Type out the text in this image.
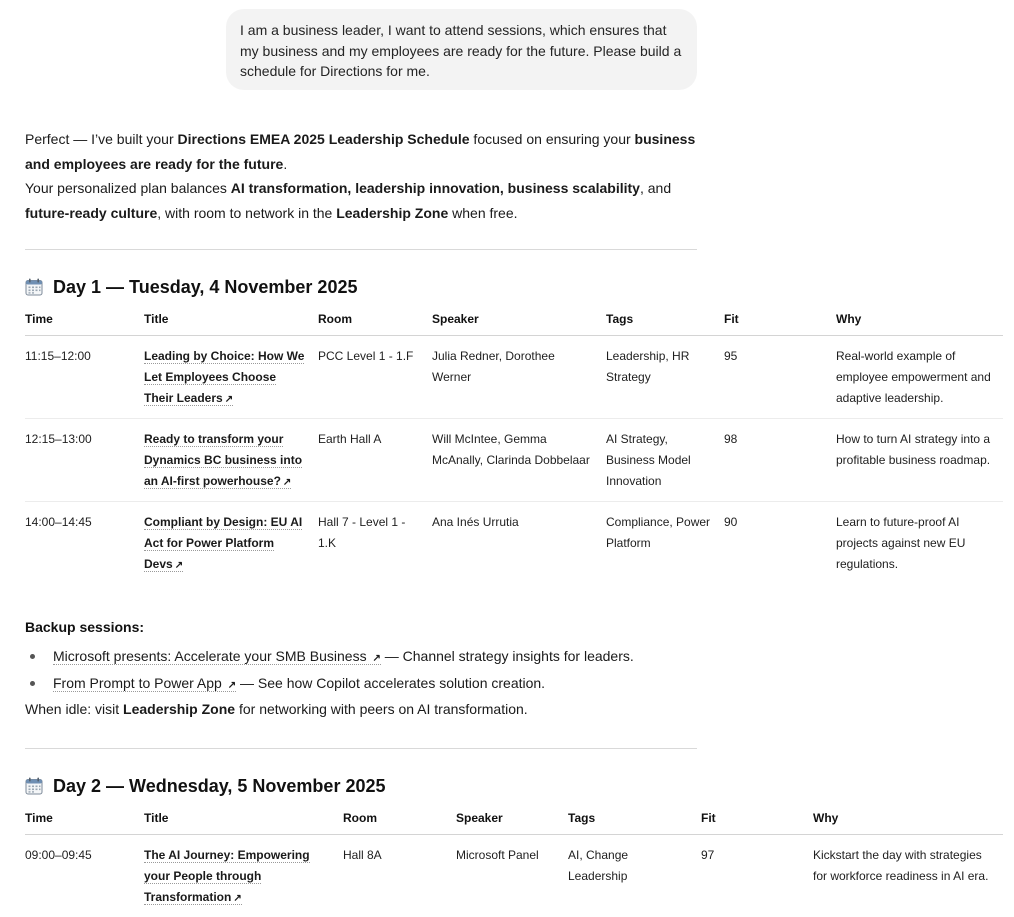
I am a business leader, I want to attend sessions, which ensures that my business and my employees are ready for the future. Please build a schedule for Directions for me.
Perfect — I’ve built your Directions EMEA 2025 Leadership Schedule focused on ensuring your business and employees are ready for the future.
Your personalized plan balances AI transformation, leadership innovation, business scalability, and future-ready culture, with room to network in the Leadership Zone when free.
Day 1 — Tuesday, 4 November 2025
Time	Title	Room	Speaker	Tags	Fit	Why
11:15–12:00	Leading by Choice: How We Let Employees Choose Their Leaders ↗	PCC Level 1 - 1.F	Julia Redner, Dorothee Werner	Leadership, HR Strategy	95	Real-world example of employee empowerment and adaptive leadership.
12:15–13:00	Ready to transform your Dynamics BC business into an AI-first powerhouse? ↗	Earth Hall A	Will McIntee, Gemma McAnally, Clarinda Dobbelaar	AI Strategy, Business Model Innovation	98	How to turn AI strategy into a profitable business roadmap.
14:00–14:45	Compliant by Design: EU AI Act for Power Platform Devs ↗	Hall 7 - Level 1 - 1.K	Ana Inés Urrutia	Compliance, Power Platform	90	Learn to future-proof AI projects against new EU regulations.
Backup sessions:
Microsoft presents: Accelerate your SMB Business ↗ — Channel strategy insights for leaders.
From Prompt to Power App ↗ — See how Copilot accelerates solution creation.
When idle: visit Leadership Zone for networking with peers on AI transformation.
Day 2 — Wednesday, 5 November 2025
Time	Title	Room	Speaker	Tags	Fit	Why
09:00–09:45	The AI Journey: Empowering your People through Transformation ↗	Hall 8A	Microsoft Panel	AI, Change Leadership	97	Kickstart the day with strategies for workforce readiness in AI era.
